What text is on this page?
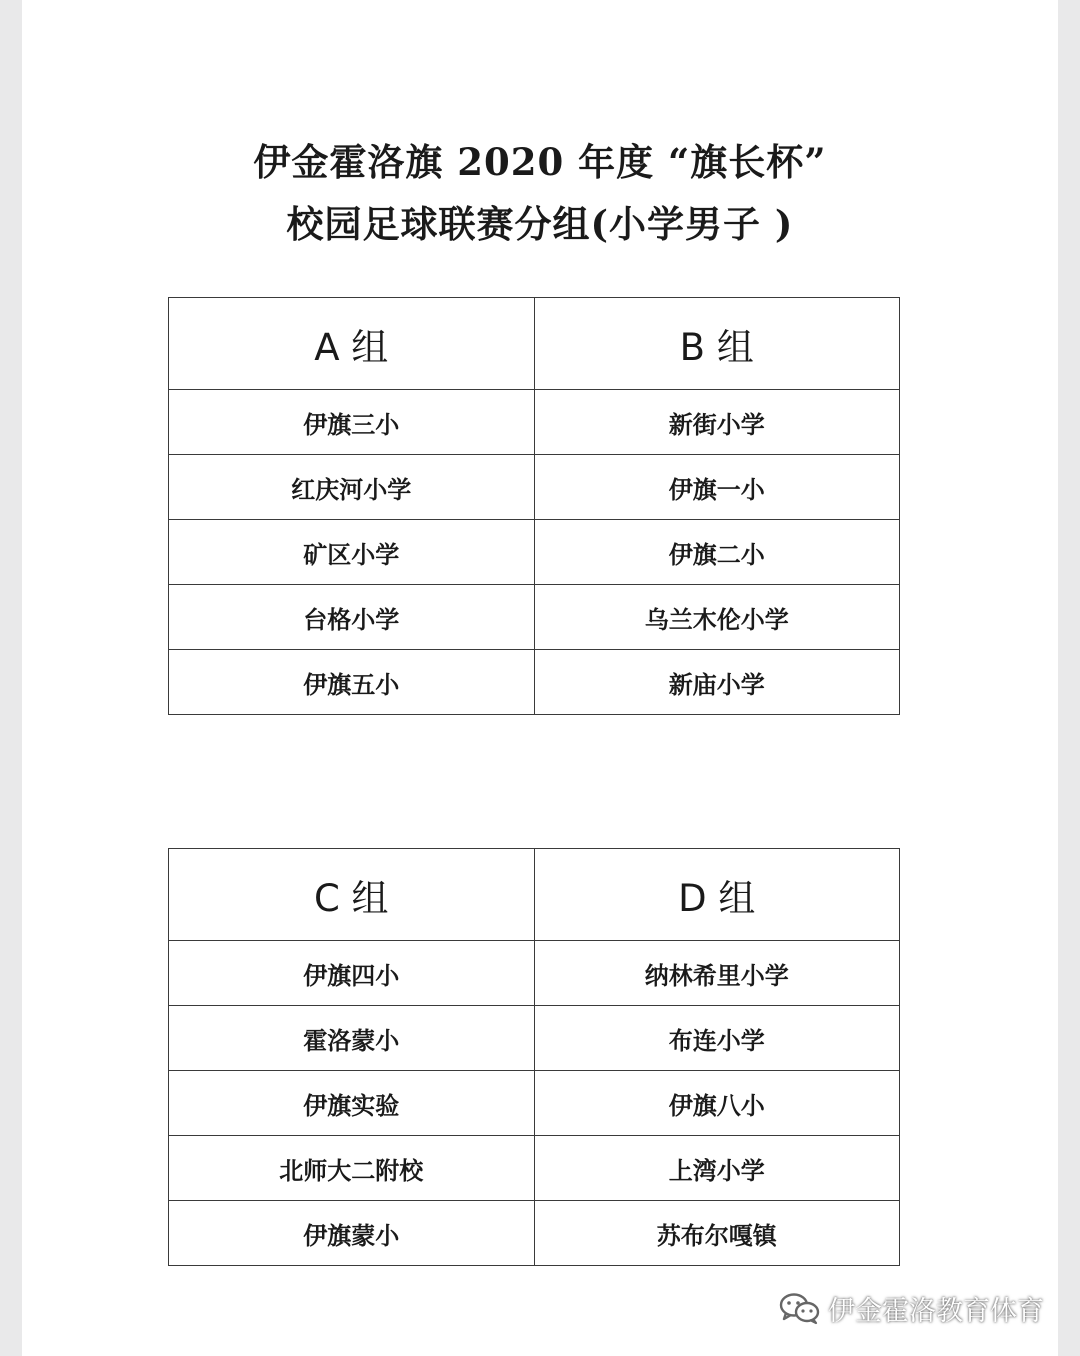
伊金霍洛旗 2020 年度 “旗长杯”
校园足球联赛分组(小学男子 )
A 组	B 组
伊旗三小	新街小学
红庆河小学	伊旗一小
矿区小学	伊旗二小
台格小学	乌兰木伦小学
伊旗五小	新庙小学
C 组	D 组
伊旗四小	纳林希里小学
霍洛蒙小	布连小学
伊旗实验	伊旗八小
北师大二附校	上湾小学
伊旗蒙小	苏布尔嘎镇
伊金霍洛教育体育
